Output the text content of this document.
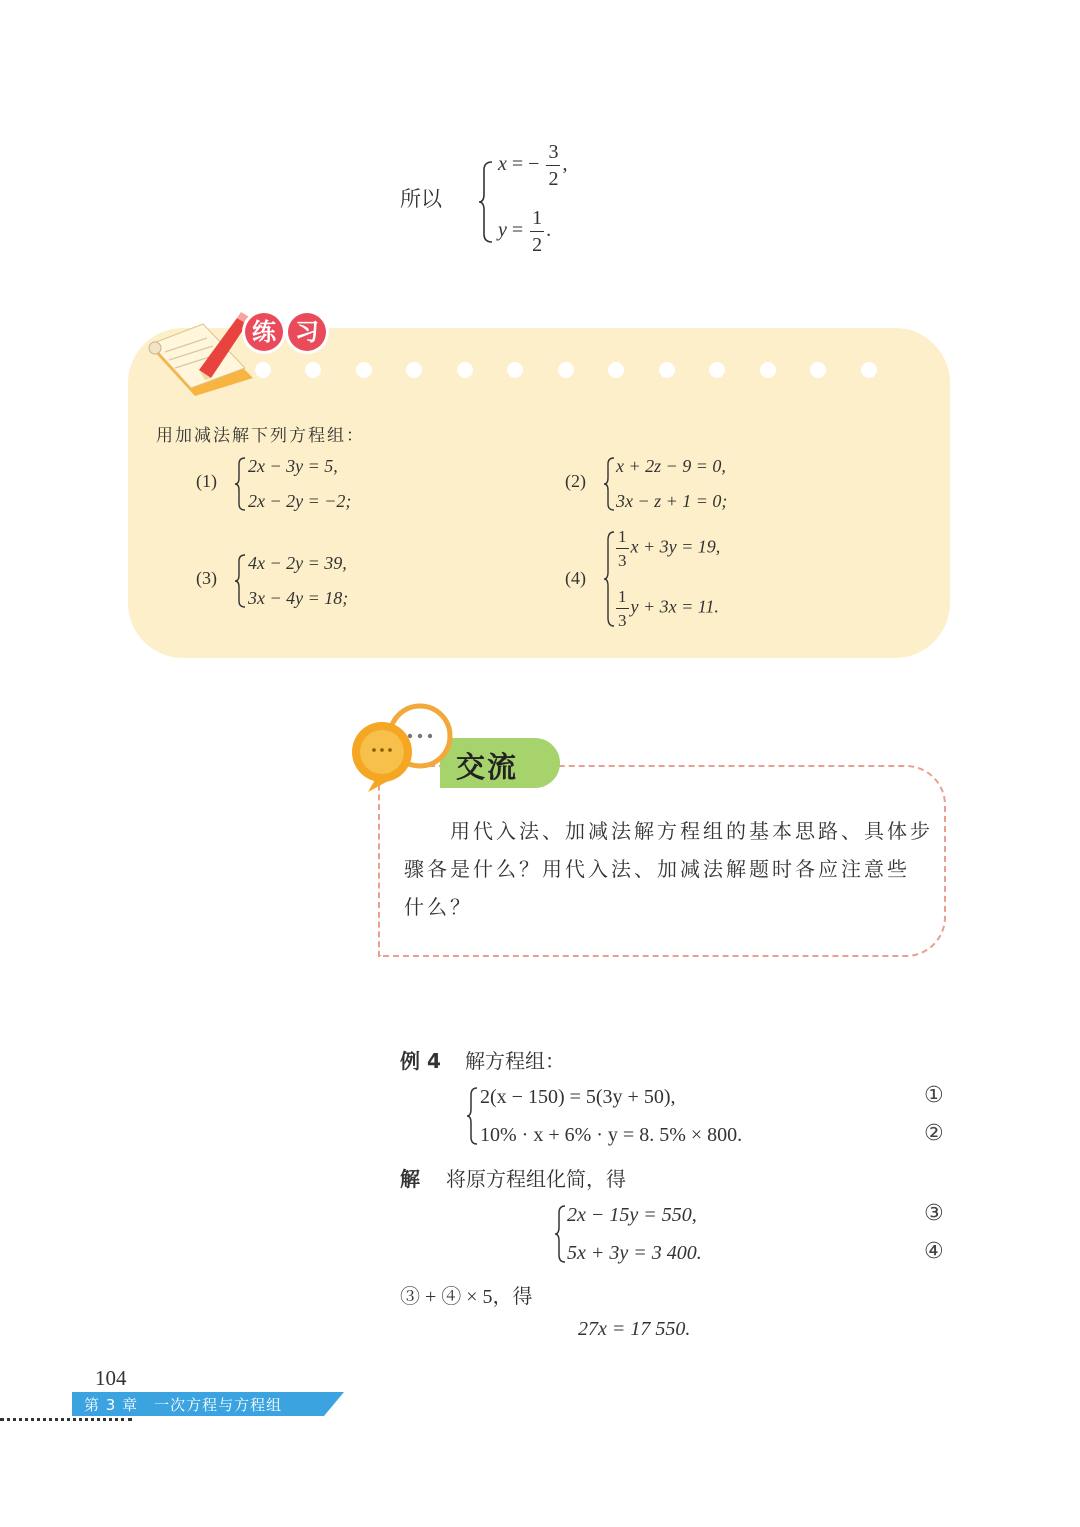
所以
x = − $\frac{3}{2}$ ,
$y = \frac{1}{2}$ .
练 习
用加减法解下列方程组：
(1)
2x − 3y = 5,
2x − 2y = −2;
(2)
x + 2z − 9 = 0,
3x − z + 1 = 0;
(3)
4x − 2y = 39,
3x − 4y = 18;
(4)
$\frac{1}{3}$ x + 3y = 19,
$\frac{1}{3}$ y + 3x = 11.
交流
用代入法、加减法解方程组的基本思路、具体步
骤各是什么？用代入法、加减法解题时各应注意些
什么？
例 4 解方程组：
2(x − 150) = 5(3y + 50),	①
10% · x + 6% · y = 8. 5% × 800.	②
解 将原方程组化简，得
2x − 15y = 550,	③
5x + 3y = 3 400.	④
③ + ④ × 5，得
27x = 17 550.
104
第 3 章　一次方程与方程组
